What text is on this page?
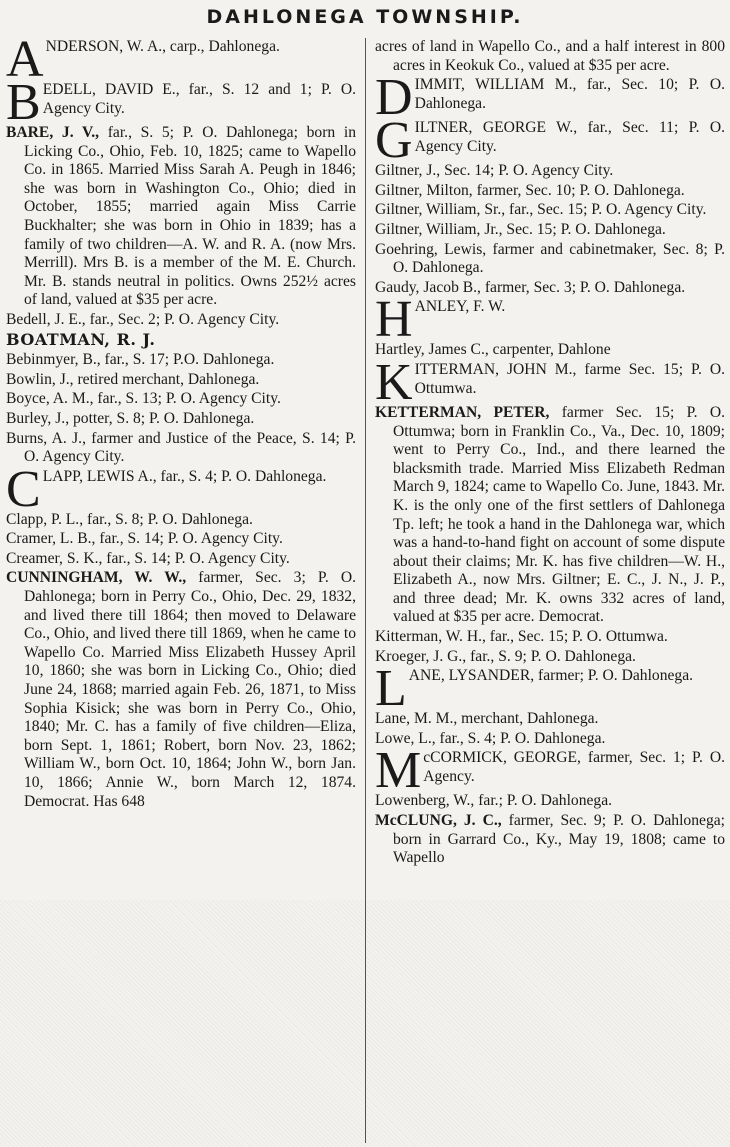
DAHLONEGA TOWNSHIP.
ANDERSON, W. A., carp., Dahlonega.
BEDELL, DAVID E., far., S. 12 and 1; P. O. Agency City.
BARE, J. V., far., S. 5; P. O. Dahlonega; born in Licking Co., Ohio, Feb. 10, 1825; came to Wapello Co. in 1865. Married Miss Sarah A. Peugh in 1846; she was born in Washington Co., Ohio; died in October, 1855; married again Miss Carrie Buckhalter; she was born in Ohio in 1839; has a family of two children—A. W. and R. A. (now Mrs. Merrill). Mrs B. is a member of the M. E. Church. Mr. B. stands neutral in politics. Owns 252½ acres of land, valued at $35 per acre.
Bedell, J. E., far., Sec. 2; P. O. Agency City.
BOATMAN, R. J.
Bebinmyer, B., far., S. 17; P.O. Dahlonega.
Bowlin, J., retired merchant, Dahlonega.
Boyce, A. M., far., S. 13; P. O. Agency City.
Burley, J., potter, S. 8; P. O. Dahlonega.
Burns, A. J., farmer and Justice of the Peace, S. 14; P. O. Agency City.
CLAPP, LEWIS A., far., S. 4; P. O. Dahlonega.
Clapp, P. L., far., S. 8; P. O. Dahlonega.
Cramer, L. B., far., S. 14; P. O. Agency City.
Creamer, S. K., far., S. 14; P. O. Agency City.
CUNNINGHAM, W. W., farmer, Sec. 3; P. O. Dahlonega; born in Perry Co., Ohio, Dec. 29, 1832, and lived there till 1864; then moved to Delaware Co., Ohio, and lived there till 1869, when he came to Wapello Co. Married Miss Elizabeth Hussey April 10, 1860; she was born in Licking Co., Ohio; died June 24, 1868; married again Feb. 26, 1871, to Miss Sophia Kisick; she was born in Perry Co., Ohio, 1840; Mr. C. has a family of five children—Eliza, born Sept. 1, 1861; Robert, born Nov. 23, 1862; William W., born Oct. 10, 1864; John W., born Jan. 10, 1866; Annie W., born March 12, 1874. Democrat. Has 648
acres of land in Wapello Co., and a half interest in 800 acres in Keokuk Co., valued at $35 per acre.
DIMMIT, WILLIAM M., far., Sec. 10; P. O. Dahlonega.
GILTNER, GEORGE W., far., Sec. 11; P. O. Agency City.
Giltner, J., Sec. 14; P. O. Agency City.
Giltner, Milton, farmer, Sec. 10; P. O. Dahlonega.
Giltner, William, Sr., far., Sec. 15; P. O. Agency City.
Giltner, William, Jr., Sec. 15; P. O. Dahlonega.
Goehring, Lewis, farmer and cabinetmaker, Sec. 8; P. O. Dahlonega.
Gaudy, Jacob B., farmer, Sec. 3; P. O. Dahlonega.
HANLEY, F. W.
Hartley, James C., carpenter, Dahlone
KITTERMAN, JOHN M., farme Sec. 15; P. O. Ottumwa.
KETTERMAN, PETER, farmer Sec. 15; P. O. Ottumwa; born in Franklin Co., Va., Dec. 10, 1809; went to Perry Co., Ind., and there learned the blacksmith trade. Married Miss Elizabeth Redman March 9, 1824; came to Wapello Co. June, 1843. Mr. K. is the only one of the first settlers of Dahlonega Tp. left; he took a hand in the Dahlonega war, which was a hand-to-hand fight on account of some dispute about their claims; Mr. K. has five children—W. H., Elizabeth A., now Mrs. Giltner; E. C., J. N., J. P., and three dead; Mr. K. owns 332 acres of land, valued at $35 per acre. Democrat.
Kitterman, W. H., far., Sec. 15; P. O. Ottumwa.
Kroeger, J. G., far., S. 9; P. O. Dahlonega.
LANE, LYSANDER, farmer; P. O. Dahlonega.
Lane, M. M., merchant, Dahlonega.
Lowe, L., far., S. 4; P. O. Dahlonega.
McCORMICK, GEORGE, farmer, Sec. 1; P. O. Agency.
Lowenberg, W., far.; P. O. Dahlonega.
McCLUNG, J. C., farmer, Sec. 9; P. O. Dahlonega; born in Garrard Co., Ky., May 19, 1808; came to Wapello
